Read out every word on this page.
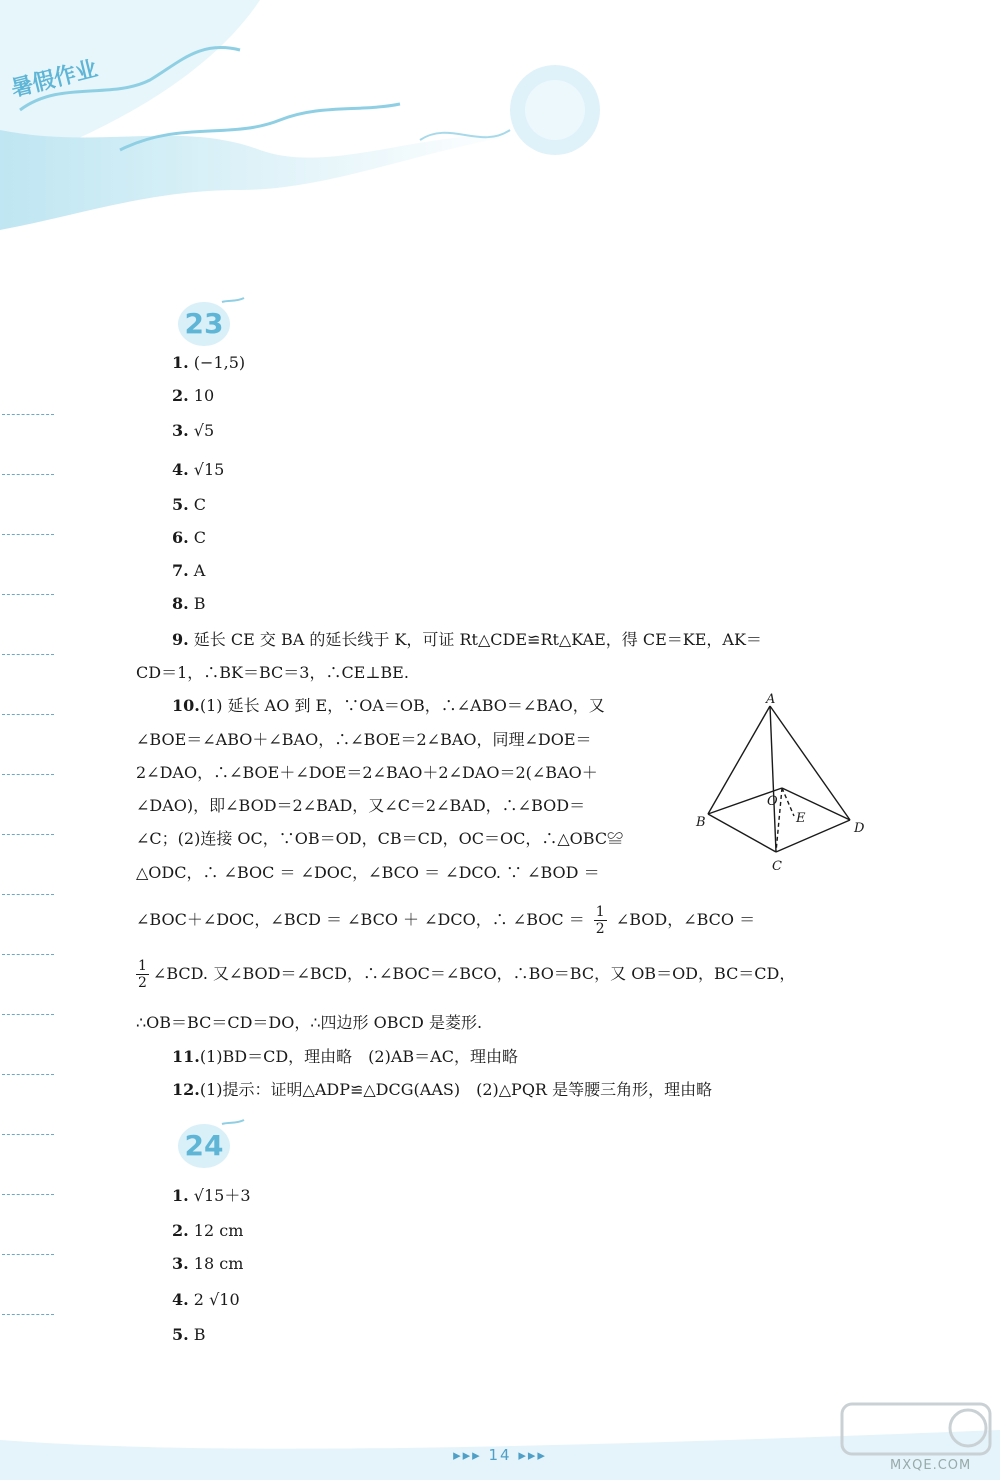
暑假作业
23
1. (−1,5)
2. 10
3. √5
4. √15
5. C
6. C
7. A
8. B
9. 延长 CE 交 BA 的延长线于 K，可证 Rt△CDE≌Rt△KAE，得 CE＝KE，AK＝
CD＝1，∴BK＝BC＝3，∴CE⊥BE.
10.(1) 延长 AO 到 E，∵OA＝OB，∴∠ABO＝∠BAO，又
∠BOE＝∠ABO＋∠BAO，∴∠BOE＝2∠BAO，同理∠DOE＝
2∠DAO，∴∠BOE＋∠DOE＝2∠BAO＋2∠DAO＝2(∠BAO＋
∠DAO)，即∠BOD＝2∠BAD，又∠C＝2∠BAD，∴∠BOD＝
∠C；(2)连接 OC，∵OB＝OD，CB＝CD，OC＝OC，∴△OBC≌
△ODC，∴ ∠BOC ＝ ∠DOC，∠BCO ＝ ∠DCO. ∵ ∠BOD ＝
∠BOC＋∠DOC，∠BCD ＝ ∠BCO ＋ ∠DCO，∴ ∠BOC ＝ $\frac{1}{2}$ ∠BOD，∠BCO ＝
$\frac{1}{2}$ ∠BCD. 又∠BOD＝∠BCD，∴∠BOC＝∠BCO，∴BO＝BC，又 OB＝OD，BC＝CD，
∴OB＝BC＝CD＝DO，∴四边形 OBCD 是菱形.
11.(1)BD＝CD，理由略　(2)AB＝AC，理由略
12.(1)提示：证明△ADP≌△DCG(AAS)　(2)△PQR 是等腰三角形，理由略
A
B
C
D
O
E
24
1. √15＋3
2. 12 cm
3. 18 cm
4. 2 √10
5. B
▸▸▸ 14 ▸▸▸
MXQE.COM
